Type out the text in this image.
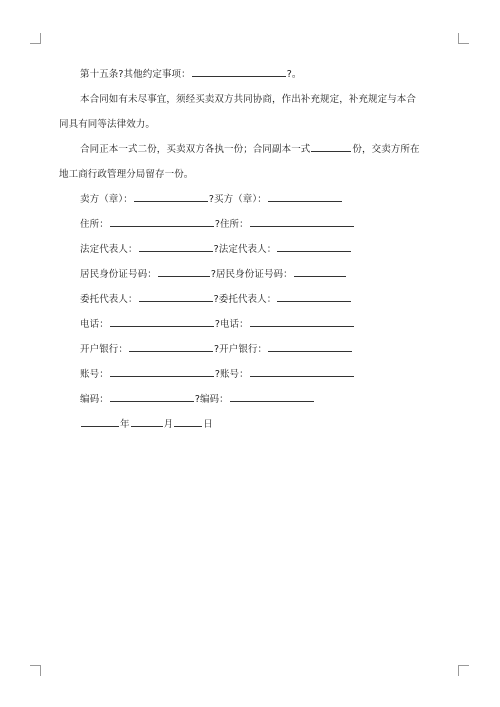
第十五条?其他约定事项：	?。
本合同如有未尽事宜，须经买卖双方共同协商，作出补充规定，补充规定与本合
同具有同等法律效力。
合同正本一式二份，买卖双方各执一份；合同副本一式	份，交卖方所在
地工商行政管理分局留存一份。
卖方（章）：	?买方（章）：
住所：	?住所：
法定代表人：	?法定代表人：
居民身份证号码：	?居民身份证号码：
委托代表人：	?委托代表人：
电话：	?电话：
开户银行：	?开户银行：
账号：	?账号：
编码：	?编码：
年	月	日
